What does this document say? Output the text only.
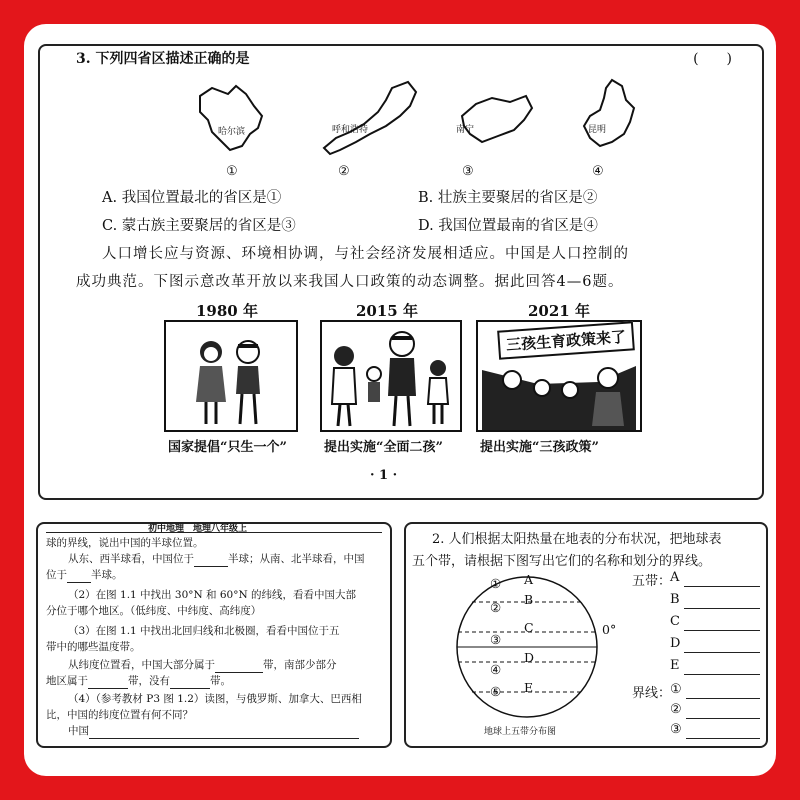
3. 下列四省区描述正确的是	(　　)
哈尔滨	呼和浩特	南宁	昆明
①	②	③	④
A. 我国位置最北的省区是①	B. 壮族主要聚居的省区是②
C. 蒙古族主要聚居的省区是③	D. 我国位置最南的省区是④
人口增长应与资源、环境相协调，与社会经济发展相适应。中国是人口控制的
成功典范。下图示意改革开放以来我国人口政策的动态调整。据此回答4—6题。
1980 年	2015 年	2021 年
三孩生育政策来了
国家提倡“只生一个”	提出实施“全面二孩”	提出实施“三孩政策”
· 1 ·
初中地理　地理八年级上
球的界线，说出中国的半球位置。
从东、西半球看，中国位于	半球；从南、北半球看，中国
位于 半球。
（2）在图 1.1 中找出 30°N 和 60°N 的纬线，看看中国大部
分位于哪个地区。（低纬度、中纬度、高纬度）
（3）在图 1.1 中找出北回归线和北极圈，看看中国位于五
带中的哪些温度带。
从纬度位置看，中国大部分属于	带，南部少部分
地区属于	带，没有	带。
（4）（参考教材 P3 图 1.2）读图，与俄罗斯、加拿大、巴西相
比，中国的纬度位置有何不同？
中国
2. 人们根据太阳热量在地表的分布状况，把地球表
五个带，请根据下图写出它们的名称和划分的界线。
A
B
C
D
E
①
②
③
④
⑤
0°
地球上五带分布图
五带：
A
B
C
D
E
界线：
①
②
③
